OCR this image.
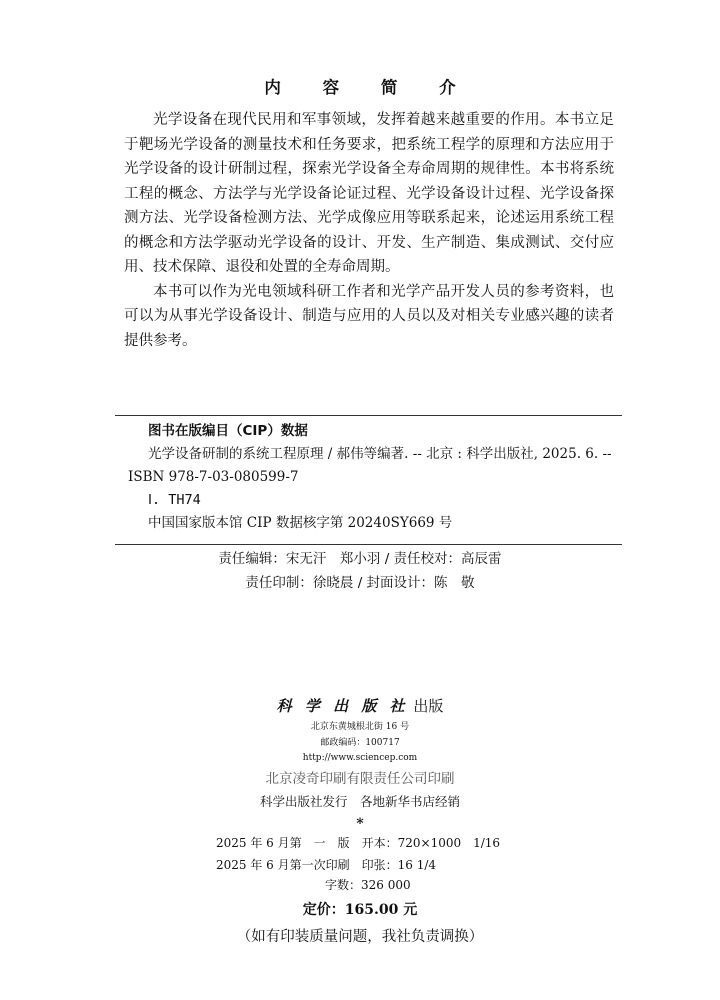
内 容 简 介

光学设备在现代民用和军事领域，发挥着越来越重要的作用。本书立足于靶场光学设备的测量技术和任务要求，把系统工程学的原理和方法应用于光学设备的设计研制过程，探索光学设备全寿命周期的规律性。本书将系统工程的概念、方法学与光学设备论证过程、光学设备设计过程、光学设备探测方法、光学设备检测方法、光学成像应用等联系起来，论述运用系统工程的概念和方法学驱动光学设备的设计、开发、生产制造、集成测试、交付应用、技术保障、退役和处置的全寿命周期。

本书可以作为光电领域科研工作者和光学产品开发人员的参考资料，也可以为从事光学设备设计、制造与应用的人员以及对相关专业感兴趣的读者提供参考。

图书在版编目（CIP）数据
光学设备研制的系统工程原理 / 郝伟等编著. -- 北京 : 科学出版社, 2025. 6. -- ISBN 978-7-03-080599-7
Ⅰ. TH74
中国国家版本馆 CIP 数据核字第 20240SY669 号
责任编辑：宋无汗　郑小羽 / 责任校对：高辰雷
责任印制：徐晓晨 / 封面设计：陈　敬
科 学 出 版 社 出版
北京东黄城根北街 16 号
邮政编码：100717
http://www.sciencep.com
北京凌奇印刷有限责任公司印刷
科学出版社发行　各地新华书店经销
*
2025 年 6 月第　一　版　开本：720×1000　1/16
2025 年 6 月第一次印刷　印张：16 1/4
字数：326 000
定价：165.00 元
（如有印装质量问题，我社负责调换）
